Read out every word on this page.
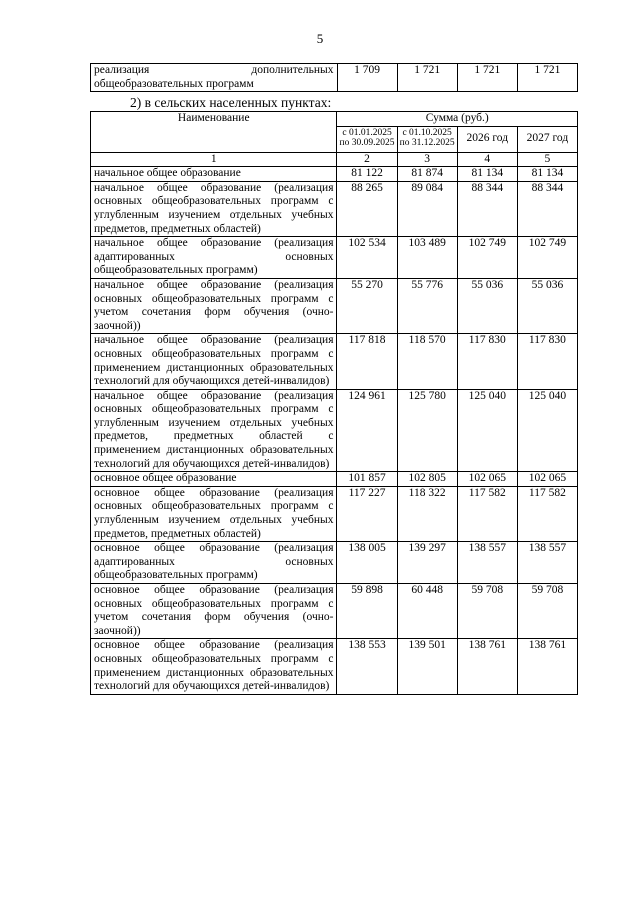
5
реализация дополнительных общеобразовательных программ	1 709	1 721	1 721	1 721
2) в сельских населенных пунктах:
Наименование	Сумма (руб.)			
	с 01.01.2025 по 30.09.2025	с 01.10.2025 по 31.12.2025	2026 год	2027 год
1	2	3	4	5
начальное общее образование	81 122	81 874	81 134	81 134
начальное общее образование (реализация основных общеобразовательных программ с углубленным изучением отдельных учебных предметов, предметных областей)	88 265	89 084	88 344	88 344
начальное общее образование (реализация адаптированных основных общеобразовательных программ)	102 534	103 489	102 749	102 749
начальное общее образование (реализация основных общеобразовательных программ с учетом сочетания форм обучения (очно-заочной))	55 270	55 776	55 036	55 036
начальное общее образование (реализация основных общеобразовательных программ с применением дистанционных образовательных технологий для обучающихся детей-инвалидов)	117 818	118 570	117 830	117 830
начальное общее образование (реализация основных общеобразовательных программ с углубленным изучением отдельных учебных предметов, предметных областей с применением дистанционных образовательных технологий для обучающихся детей-инвалидов)	124 961	125 780	125 040	125 040
основное общее образование	101 857	102 805	102 065	102 065
основное общее образование (реализация основных общеобразовательных программ с углубленным изучением отдельных учебных предметов, предметных областей)	117 227	118 322	117 582	117 582
основное общее образование (реализация адаптированных основных общеобразовательных программ)	138 005	139 297	138 557	138 557
основное общее образование (реализация основных общеобразовательных программ с учетом сочетания форм обучения (очно-заочной))	59 898	60 448	59 708	59 708
основное общее образование (реализация основных общеобразовательных программ с применением дистанционных образовательных технологий для обучающихся детей-инвалидов)	138 553	139 501	138 761	138 761
